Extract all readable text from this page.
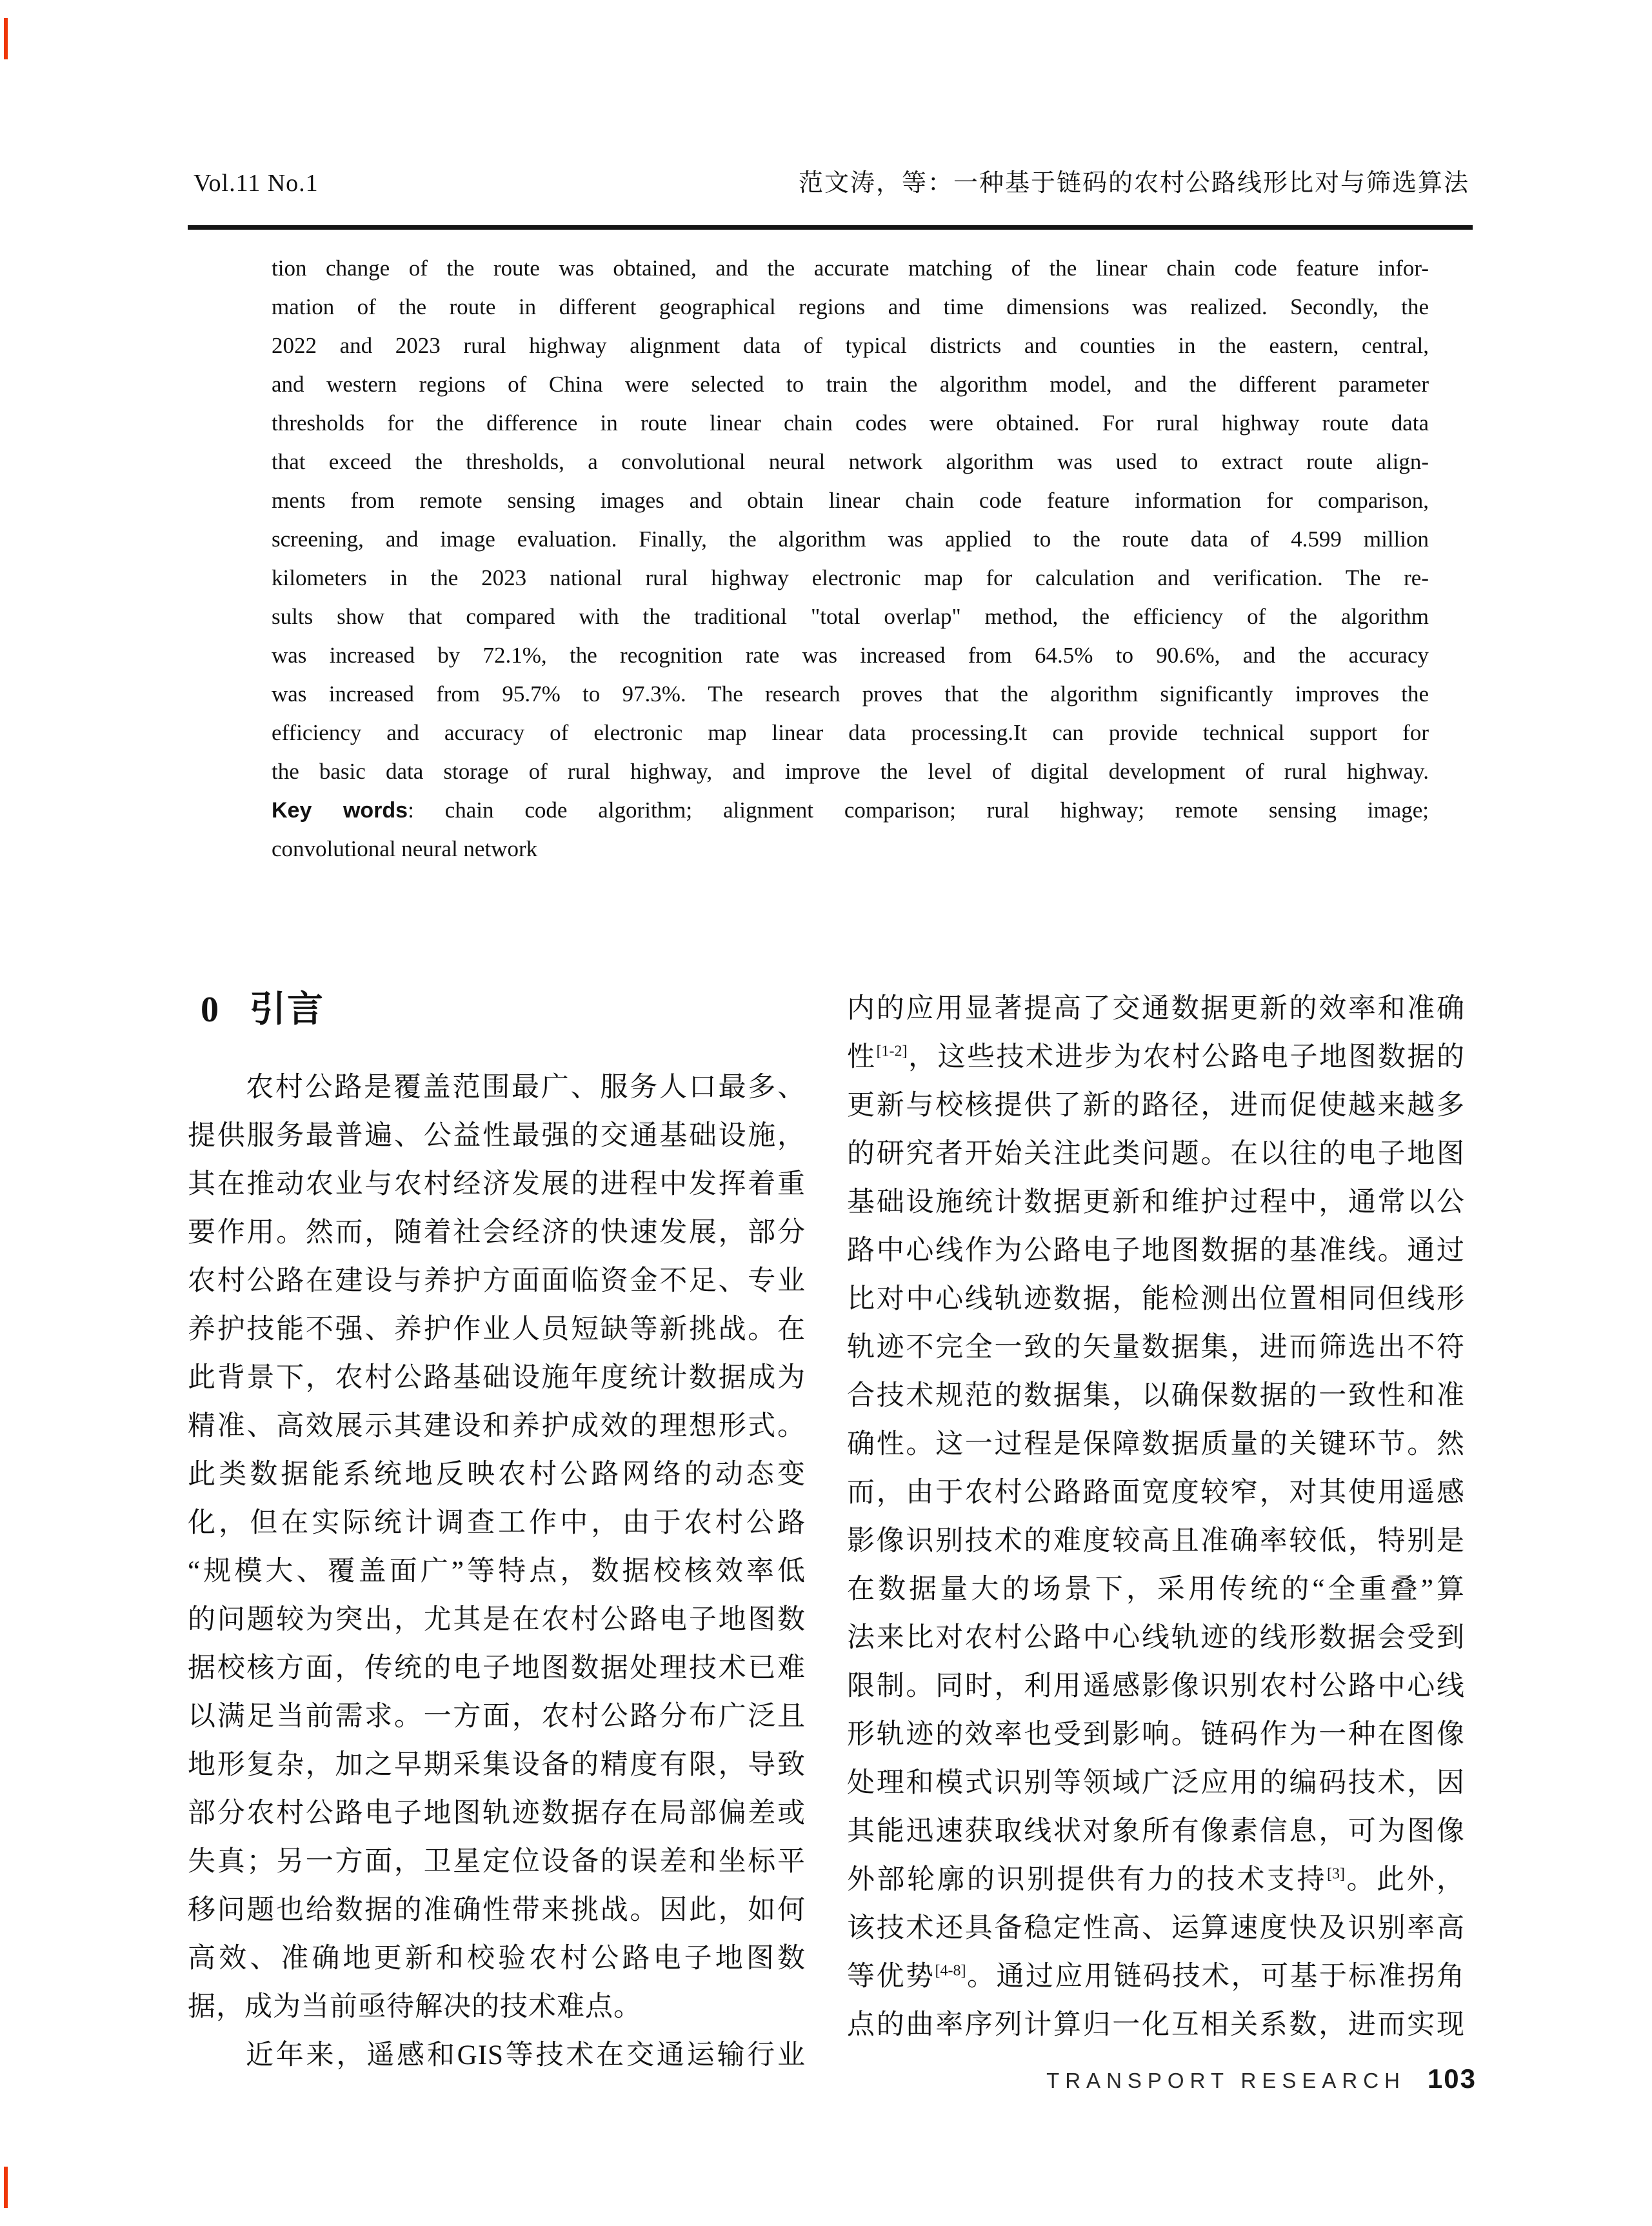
Vol.11 No.1	范文涛，等：一种基于链码的农村公路线形比对与筛选算法
tion change of the route was obtained, and the accurate matching of the linear chain code feature infor-
mation of the route in different geographical regions and time dimensions was realized. Secondly, the
2022 and 2023 rural highway alignment data of typical districts and counties in the eastern, central,
and western regions of China were selected to train the algorithm model, and the different parameter
thresholds for the difference in route linear chain codes were obtained. For rural highway route data
that exceed the thresholds, a convolutional neural network algorithm was used to extract route align-
ments from remote sensing images and obtain linear chain code feature information for comparison,
screening, and image evaluation. Finally, the algorithm was applied to the route data of 4.599 million
kilometers in the 2023 national rural highway electronic map for calculation and verification. The re-
sults show that compared with the traditional "total overlap" method, the efficiency of the algorithm
was increased by 72.1%, the recognition rate was increased from 64.5% to 90.6%, and the accuracy
was increased from 95.7% to 97.3%. The research proves that the algorithm significantly improves the
efficiency and accuracy of electronic map linear data processing.It can provide technical support for
the basic data storage of rural highway, and improve the level of digital development of rural highway.
Key words: chain code algorithm; alignment comparison; rural highway; remote sensing image;
convolutional neural network
0 引言
农村公路是覆盖范围最广、服务人口最多、
提供服务最普遍、公益性最强的交通基础设施，
其在推动农业与农村经济发展的进程中发挥着重
要作用。然而，随着社会经济的快速发展，部分
农村公路在建设与养护方面面临资金不足、专业
养护技能不强、养护作业人员短缺等新挑战。在
此背景下，农村公路基础设施年度统计数据成为
精准、高效展示其建设和养护成效的理想形式。
此类数据能系统地反映农村公路网络的动态变
化，但在实际统计调查工作中，由于农村公路
“规模大、覆盖面广”等特点，数据校核效率低
的问题较为突出，尤其是在农村公路电子地图数
据校核方面，传统的电子地图数据处理技术已难
以满足当前需求。一方面，农村公路分布广泛且
地形复杂，加之早期采集设备的精度有限，导致
部分农村公路电子地图轨迹数据存在局部偏差或
失真；另一方面，卫星定位设备的误差和坐标平
移问题也给数据的准确性带来挑战。因此，如何
高效、准确地更新和校验农村公路电子地图数
据，成为当前亟待解决的技术难点。
近年来，遥感和GIS等技术在交通运输行业
内的应用显著提高了交通数据更新的效率和准确
性[1-2]，这些技术进步为农村公路电子地图数据的
更新与校核提供了新的路径，进而促使越来越多
的研究者开始关注此类问题。在以往的电子地图
基础设施统计数据更新和维护过程中，通常以公
路中心线作为公路电子地图数据的基准线。通过
比对中心线轨迹数据，能检测出位置相同但线形
轨迹不完全一致的矢量数据集，进而筛选出不符
合技术规范的数据集，以确保数据的一致性和准
确性。这一过程是保障数据质量的关键环节。然
而，由于农村公路路面宽度较窄，对其使用遥感
影像识别技术的难度较高且准确率较低，特别是
在数据量大的场景下，采用传统的“全重叠”算
法来比对农村公路中心线轨迹的线形数据会受到
限制。同时，利用遥感影像识别农村公路中心线
形轨迹的效率也受到影响。链码作为一种在图像
处理和模式识别等领域广泛应用的编码技术，因
其能迅速获取线状对象所有像素信息，可为图像
外部轮廓的识别提供有力的技术支持[3]。此外，
该技术还具备稳定性高、运算速度快及识别率高
等优势[4-8]。通过应用链码技术，可基于标准拐角
点的曲率序列计算归一化互相关系数，进而实现
TRANSPORT RESEARCH 103
